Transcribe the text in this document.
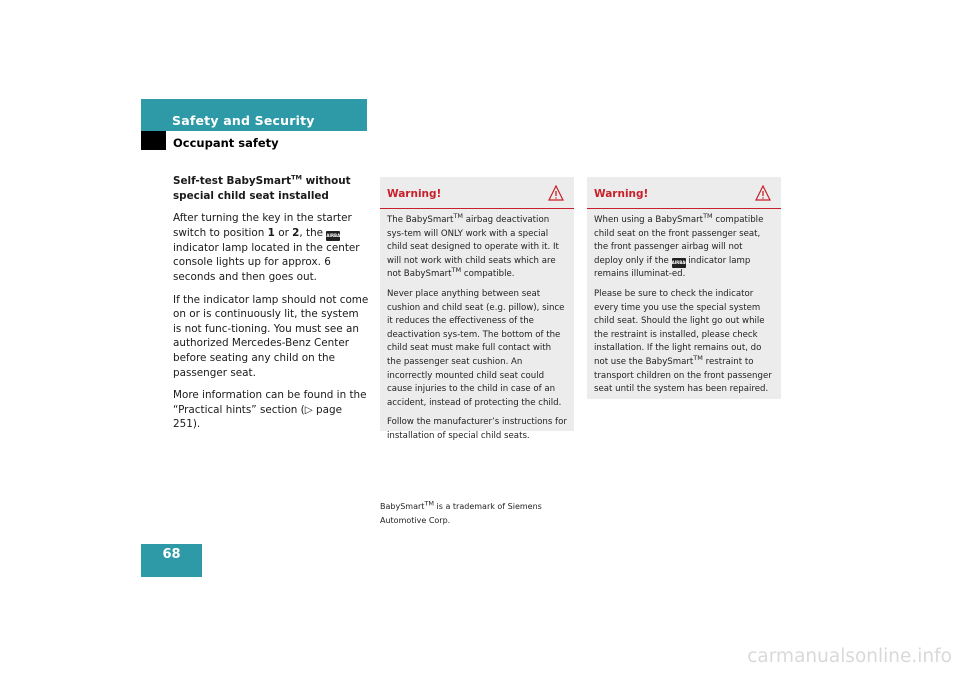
Safety and Security
Occupant safety

Self-test BabySmart™ without special child seat installed

After turning the key in the starter switch to position 1 or 2, the AIRBAG indicator lamp located in the center console lights up for approx. 6 seconds and then goes out.

If the indicator lamp should not come on or is continuously lit, the system is not func-tioning. You must see an authorized Mercedes-Benz Center before seating any child on the passenger seat.

More information can be found in the “Practical hints” section (▷ page 251).

Warning!

The BabySmart™ airbag deactivation sys-tem will ONLY work with a special child seat designed to operate with it. It will not work with child seats which are not BabySmart™ compatible.

Never place anything between seat cushion and child seat (e.g. pillow), since it reduces the effectiveness of the deactivation sys-tem. The bottom of the child seat must make full contact with the passenger seat cushion. An incorrectly mounted child seat could cause injuries to the child in case of an accident, instead of protecting the child.

Follow the manufacturer’s instructions for installation of special child seats.

Warning!

When using a BabySmart™ compatible child seat on the front passenger seat, the front passenger airbag will not deploy only if the AIRBAG indicator lamp remains illuminat-ed.

Please be sure to check the indicator every time you use the special system child seat. Should the light go out while the restraint is installed, please check installation. If the light remains out, do not use the BabySmart™ restraint to transport children on the front passenger seat until the system has been repaired.

BabySmart™ is a trademark of Siemens Automotive Corp.
68
carmanualsonline.info
